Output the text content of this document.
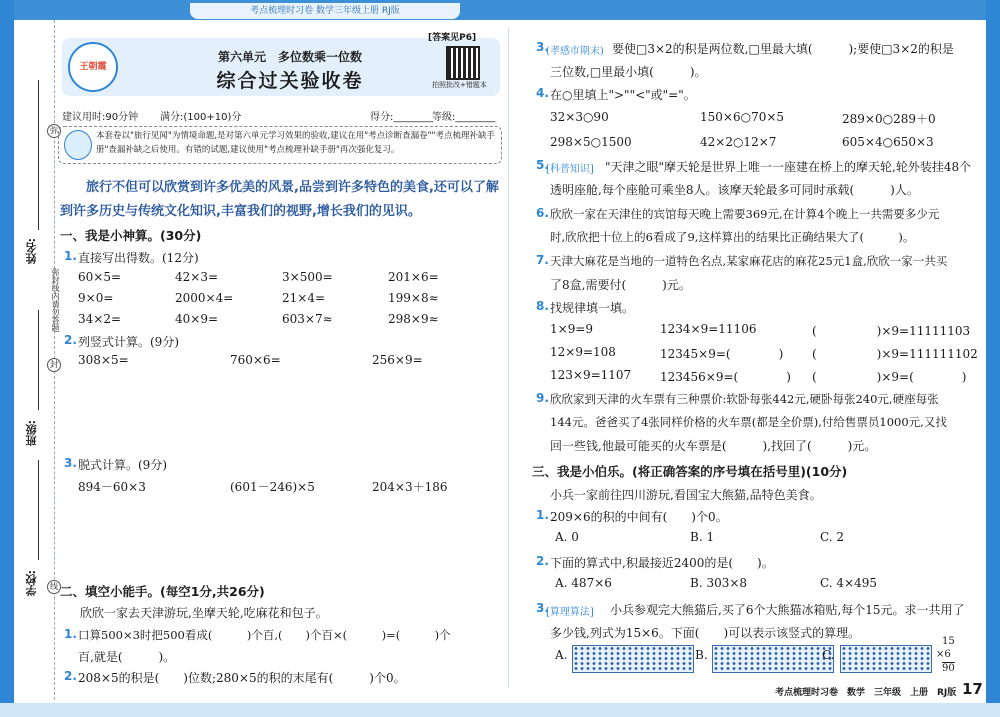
考点梳理时习卷 数学三年级上册 RJ版
姓名:
班级:
学校:
弥
封
线
弥封线内请勿答题
王朝霞
第六单元　多位数乘一位数
综合过关验收卷
[答案见P6]
拍照批改+错题本
建议用时:90分钟 满分:(100+10)分	得分:________
等级:________
本套卷以"旅行见闻"为情境命题,是对第六单元学习效果的验收,建议在用"考点诊断查漏卷""考点梳理补缺手册"查漏补缺之后使用。有错的试题,建议使用"考点梳理补缺手册"再次强化复习。
旅行不但可以欣赏到许多优美的风景,品尝到许多特色的美食,还可以了解到许多历史与传统文化知识,丰富我们的视野,增长我们的见识。
一、我是小神算。(30分)
1. 直接写出得数。(12分)
60×5=	42×3=	3×500=	201×6=
9×0=	2000×4=	21×4=	199×8≈
34×2=	40×9=	603×7≈	298×9≈
2. 列竖式计算。(9分)
308×5=	760×6=	256×9=
3. 脱式计算。(9分)
894－60×3	(601－246)×5	204×3＋186
二、填空小能手。(每空1分,共26分)
欣欣一家去天津游玩,坐摩天轮,吃麻花和包子。
1. 口算500×3时把500看成(　　　)个百,(　　)个百×(　　　)=(　　　)个
百,就是(　　　)。
2. 208×5的积是(　　)位数;280×5的积的末尾有(　　　)个0。
3.
(孝感市期末) 要使□3×2的积是两位数,□里最大填(　　　);要使□3×2的积是
三位数,□里最小填(　　　)。
4. 在○里填上">""<"或"="。
32×3○90	150×6○70×5	289×0○289＋0
298×5○1500	42×2○12×7	605×4○650×3
5.
[科普知识] "天津之眼"摩天轮是世界上唯一一座建在桥上的摩天轮,轮外装挂48个
透明座舱,每个座舱可乘坐8人。该摩天轮最多可同时承载(　　　)人。
6. 欣欣一家在天津住的宾馆每天晚上需要369元,在计算4个晚上一共需要多少元
时,欣欣把十位上的6看成了9,这样算出的结果比正确结果大了(　　　)。
7. 天津大麻花是当地的一道特色名点,某家麻花店的麻花25元1盒,欣欣一家一共买
了8盒,需要付(　　　)元。
8. 找规律填一填。
1×9=9	1234×9=11106	(　　　　　)×9=11111103
12×9=108	12345×9=(　　　　) (　　　　　)×9=111111102
123×9=1107 123456×9=(　　　　) (　　　　　)×9=(　　　　)
9. 欣欣家到天津的火车票有三种票价:软卧每张442元,硬卧每张240元,硬座每张
144元。爸爸买了4张同样价格的火车票(都是全价票),付给售票员1000元,又找
回一些钱,他最可能买的火车票是(　　　),找回了(　　　)元。
三、我是小伯乐。(将正确答案的序号填在括号里)(10分)
小兵一家前往四川游玩,看国宝大熊猫,品特色美食。
1. 209×6的积的中间有(　　)个0。
A. 0	B. 1	C. 2
2. 下面的算式中,积最接近2400的是(　　)。
A. 487×6	B. 303×8	C. 4×495
3.
[算理算法] 小兵参观完大熊猫后,买了6个大熊猫冰箱贴,每个15元。求一共用了
多少钱,列式为15×6。下面(　　)可以表示该竖式的算理。
A.	B.	C.
15
×6
90
考点梳理时习卷　数学　三年级　上册　RJ版 17
